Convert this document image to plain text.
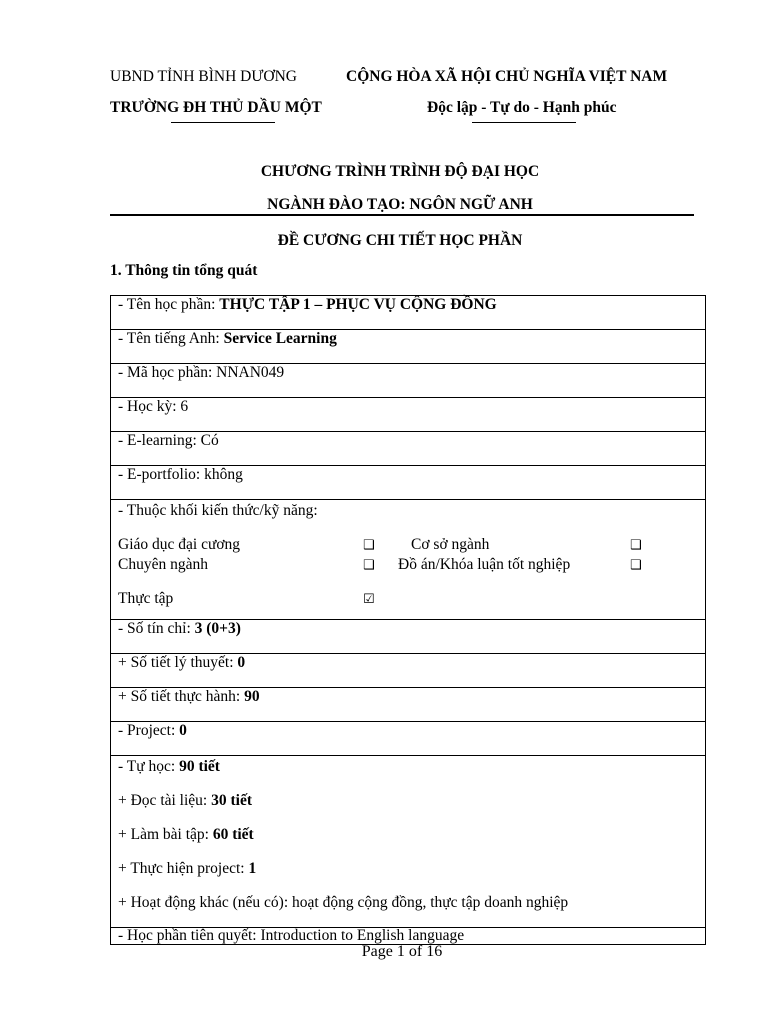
UBND TỈNH BÌNH DƯƠNG	CỘNG HÒA XÃ HỘI CHỦ NGHĨA VIỆT NAM
TRƯỜNG ĐH THỦ DẦU MỘT	Độc lập - Tự do - Hạnh phúc
CHƯƠNG TRÌNH TRÌNH ĐỘ ĐẠI HỌC
NGÀNH ĐÀO TẠO: NGÔN NGỮ ANH
ĐỀ CƯƠNG CHI TIẾT HỌC PHẦN
1. Thông tin tổng quát
- Tên học phần: THỰC TẬP 1 – PHỤC VỤ CỘNG ĐỒNG
- Tên tiếng Anh: Service Learning
- Mã học phần: NNAN049
- Học kỳ: 6
- E-learning: Có
- E-portfolio: không

- Thuộc khối kiến thức/kỹ năng:
Giáo dục đại cương	❑ Cơ sở ngành	❑
Chuyên ngành	❑ Đồ án/Khóa luận tốt nghiệp	❑
Thực tập	☑

- Số tín chỉ: 3 (0+3)
+ Số tiết lý thuyết: 0
+ Số tiết thực hành: 90
- Project: 0

- Tự học: 90 tiết
+ Đọc tài liệu: 30 tiết
+ Làm bài tập: 60 tiết
+ Thực hiện project: 1
+ Hoạt động khác (nếu có): hoạt động cộng đồng, thực tập doanh nghiệp

- Học phần tiên quyết: Introduction to English language
Page 1 of 16
